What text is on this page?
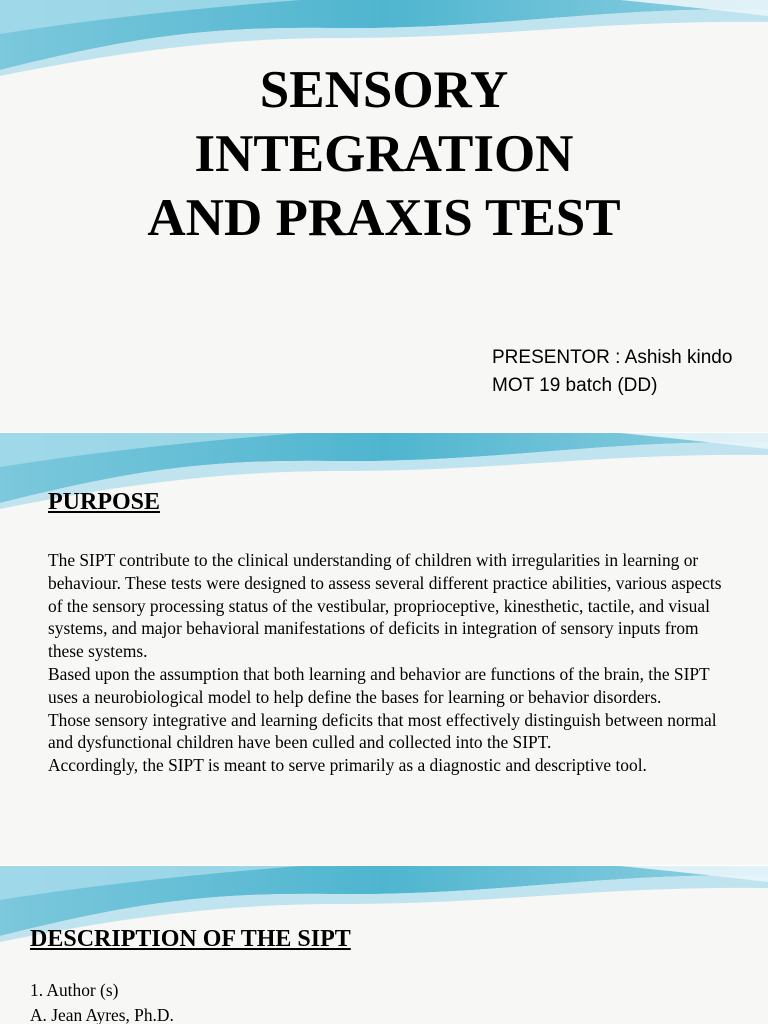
SENSORY
INTEGRATION
AND PRAXIS TEST
PRESENTOR : Ashish kindo
MOT 19 batch (DD)
PURPOSE

The SIPT contribute to the clinical understanding of children with irregularities in learning or behaviour. These tests were designed to assess several different practice abilities, various aspects of the sensory processing status of the vestibular, proprioceptive, kinesthetic, tactile, and visual systems, and major behavioral manifestations of deficits in integration of sensory inputs from these systems.

Based upon the assumption that both learning and behavior are functions of the brain, the SIPT uses a neurobiological model to help define the bases for learning or behavior disorders.

Those sensory integrative and learning deficits that most effectively distinguish between normal and dysfunctional children have been culled and collected into the SIPT.

Accordingly, the SIPT is meant to serve primarily as a diagnostic and descriptive tool.

DESCRIPTION OF THE SIPT
1. Author (s)
A. Jean Ayres, Ph.D.
